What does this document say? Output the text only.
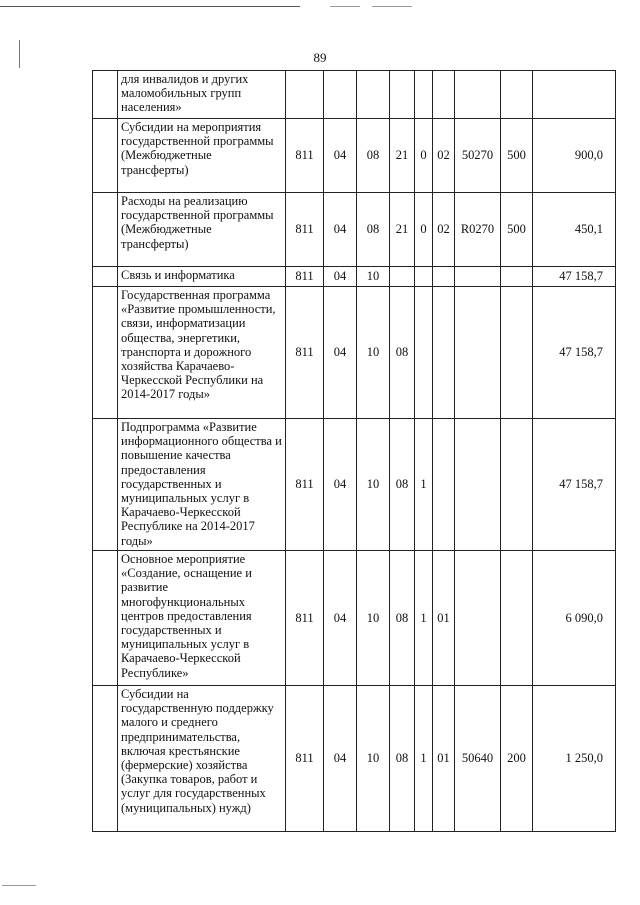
89
	для инвалидов и других маломобильных групп населения»									
	Субсидии на мероприятия государственной программы (Межбюджетные трансферты)	811	04	08	21	0	02	50270	500	900,0
	Расходы на реализацию государственной программы (Межбюджетные трансферты)	811	04	08	21	0	02	R0270	500	450,1
	Связь и информатика	811	04	10						47 158,7
	Государственная программа «Развитие промышленности, связи, информатизации общества, энергетики, транспорта и дорожного хозяйства Карачаево-Черкесской Республики на 2014-2017 годы»	811	04	10	08					47 158,7
	Подпрограмма «Развитие информационного общества и повышение качества предоставления государственных и муниципальных услуг в Карачаево-Черкесской Республике на 2014-2017 годы»	811	04	10	08	1				47 158,7
	Основное мероприятие «Создание, оснащение и развитие многофункциональных центров предоставления государственных и муниципальных услуг в Карачаево-Черкесской Республике»	811	04	10	08	1	01			6 090,0
	Субсидии на государственную поддержку малого и среднего предпринимательства, включая крестьянские (фермерские) хозяйства (Закупка товаров, работ и услуг для государственных (муниципальных) нужд)	811	04	10	08	1	01	50640	200	1 250,0
